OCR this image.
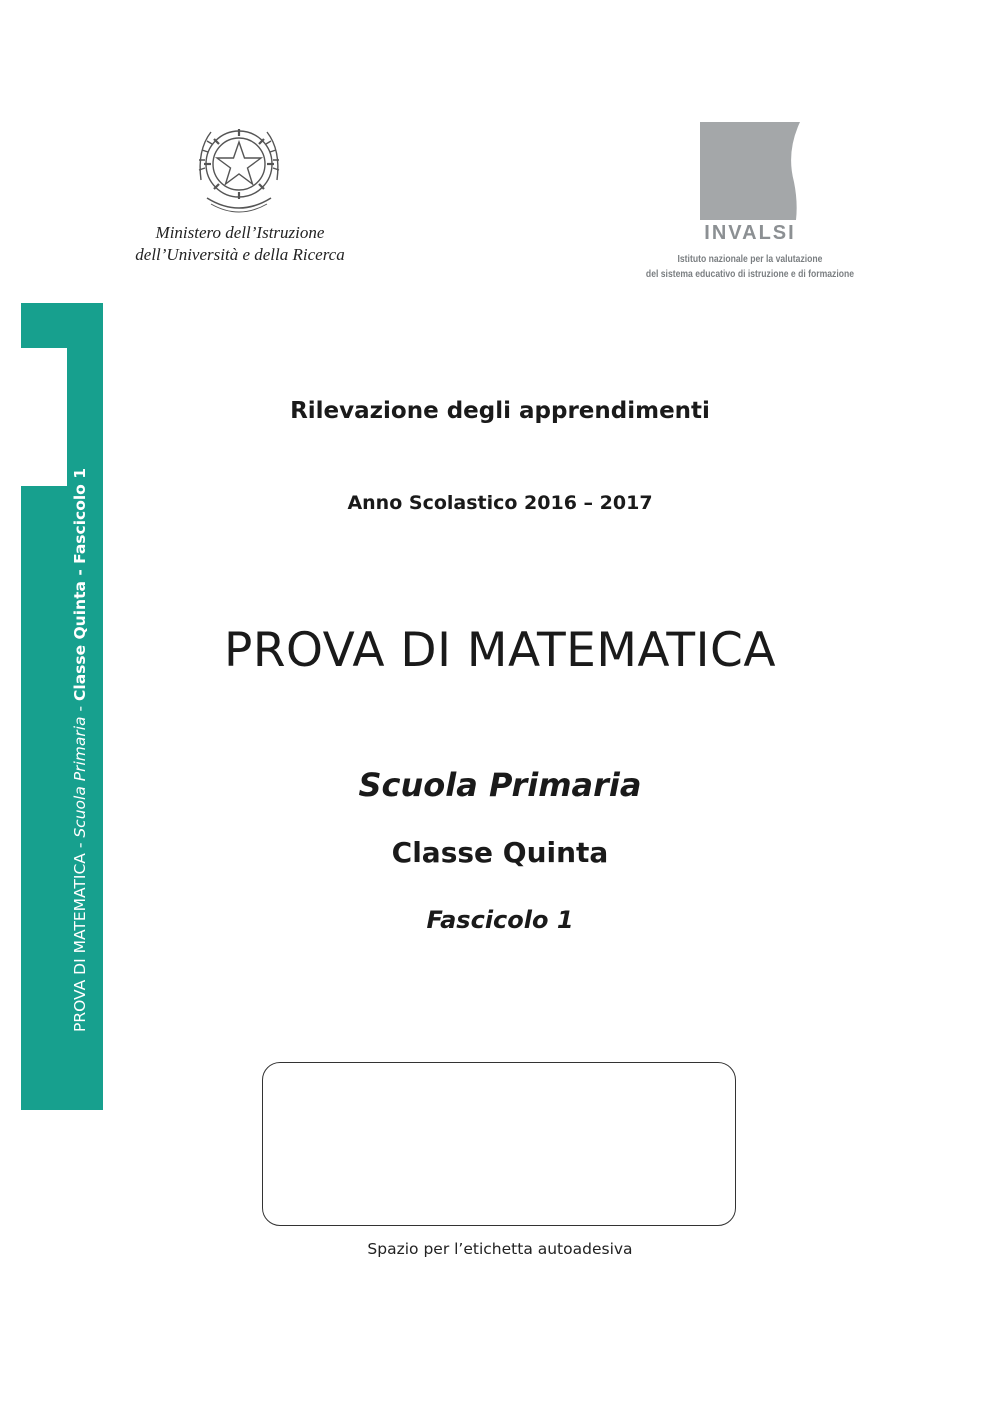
Ministero dell’Istruzione
dell’Università e della Ricerca
INVALSI
Istituto nazionale per la valutazione
del sistema educativo di istruzione e di formazione
PROVA DI MATEMATICA - Scuola Primaria - Classe Quinta - Fascicolo 1
Rilevazione degli apprendimenti
Anno Scolastico 2016 – 2017
PROVA DI MATEMATICA
Scuola Primaria
Classe Quinta
Fascicolo 1
Spazio per l’etichetta autoadesiva
